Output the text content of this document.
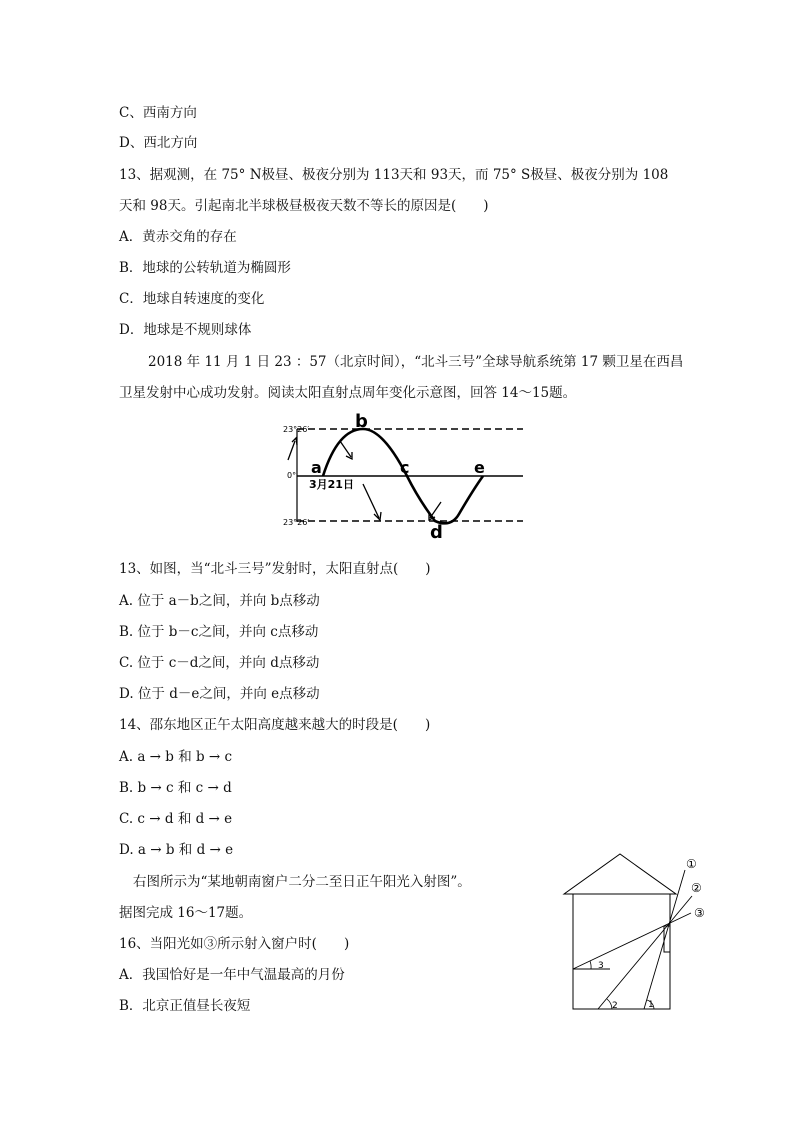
C、西南方向
D、西北方向
13、据观测，在 75° N极昼、极夜分别为 113天和 93天，而 75° S极昼、极夜分别为 108
天和 98天。引起南北半球极昼极夜天数不等长的原因是(　　)
A．黄赤交角的存在
B．地球的公转轨道为椭圆形
C．地球自转速度的变化
D．地球是不规则球体
2018 年 11 月 1 日 23 ：57（北京时间），“北斗三号”全球导航系统第 17 颗卫星在西昌
卫星发射中心成功发射。阅读太阳直射点周年变化示意图，回答 14～15题。
23°26′
0°
23°26′
3月21日
a
b
c
d
e
13、如图，当“北斗三号”发射时，太阳直射点(　　)
A. 位于 a－b之间，并向 b点移动
B. 位于 b－c之间，并向 c点移动
C. 位于 c－d之间，并向 d点移动
D. 位于 d－e之间，并向 e点移动
14、邵东地区正午太阳高度越来越大的时段是(　　)
A. a → b 和 b → c
B. b → c 和 c → d
C. c → d 和 d → e
D. a → b 和 d → e
右图所示为“某地朝南窗户二分二至日正午阳光入射图”。
据图完成 16～17题。
16、当阳光如③所示射入窗户时(　　)
A．我国恰好是一年中气温最高的月份
B．北京正值昼长夜短
①
②
③
1
2
3
